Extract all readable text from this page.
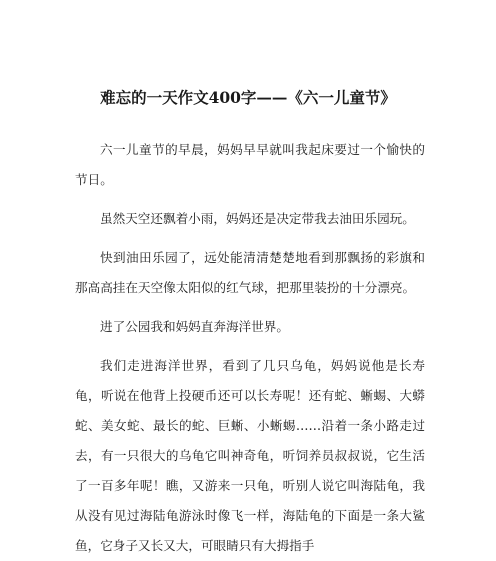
难忘的一天作文400字——《六一儿童节》

六一儿童节的早晨，妈妈早早就叫我起床要过一个愉快的节日。

虽然天空还飘着小雨，妈妈还是决定带我去油田乐园玩。

快到油田乐园了，远处能清清楚楚地看到那飘扬的彩旗和那高高挂在天空像太阳似的红气球，把那里装扮的十分漂亮。

进了公园我和妈妈直奔海洋世界。

我们走进海洋世界，看到了几只乌龟，妈妈说他是长寿龟，听说在他背上投硬币还可以长寿呢！还有蛇、蜥蜴、大蟒蛇、美女蛇、最长的蛇、巨蜥、小蜥蜴……沿着一条小路走过去，有一只很大的乌龟它叫神奇龟，听饲养员叔叔说，它生活了一百多年呢！瞧，又游来一只龟，听别人说它叫海陆龟，我从没有见过海陆龟游泳时像飞一样，海陆龟的下面是一条大鲨鱼，它身子又长又大，可眼睛只有大拇指手
